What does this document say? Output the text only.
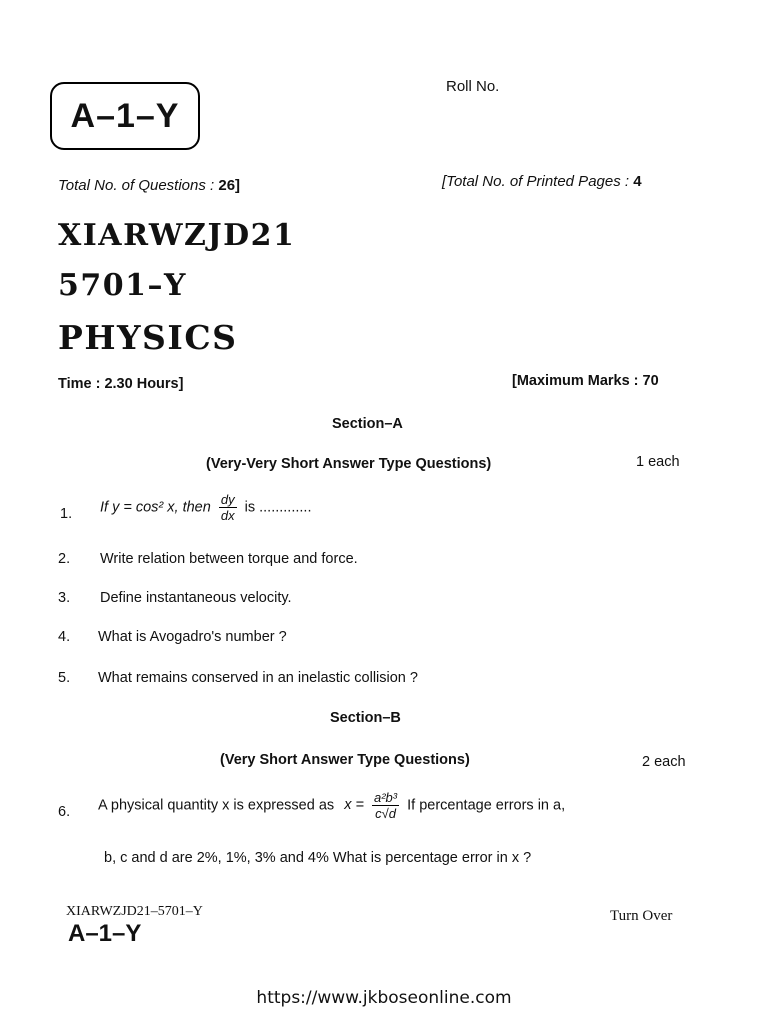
A–1–Y
Roll No.
Total No. of Questions : 26]	[Total No. of Printed Pages : 4
XIARWZJD21
5701–Y
PHYSICS
Time : 2.30 Hours]	[Maximum Marks : 70
Section–A
(Very-Very Short Answer Type Questions)	1 each
1. If y = cos² x, then $\frac{dy}{dx}$ is .............
2. Write relation between torque and force.
3. Define instantaneous velocity.
4. What is Avogadro's number ?
5. What remains conserved in an inelastic collision ?
Section–B
(Very Short Answer Type Questions)	2 each
6. A physical quantity x is expressed as $x = \frac{\text{a²b³}}{c√d}$ If percentage errors in a,
b, c and d are 2%, 1%, 3% and 4% What is percentage error in x ?
XIARWZJD21–5701–Y
A–1–Y
Turn Over
https://www.jkboseonline.com
